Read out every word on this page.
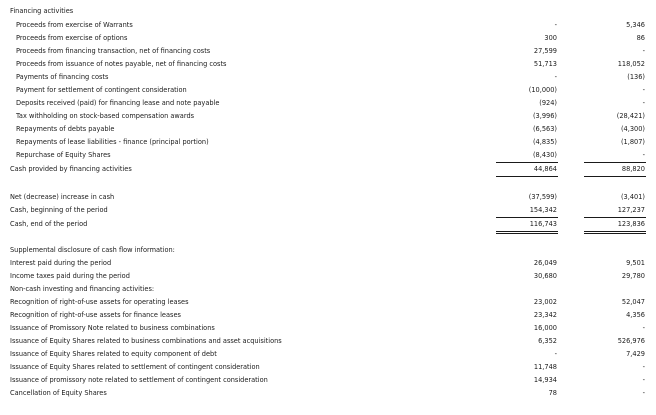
Financing activities
Proceeds from exercise of Warrants	-	5,346
Proceeds from exercise of options	300	86
Proceeds from financing transaction, net of financing costs	27,599	-
Proceeds from issuance of notes payable, net of financing costs	51,713	118,052
Payments of financing costs	-	(136)
Payment for settlement of contingent consideration	(10,000)	-
Deposits received (paid) for financing lease and note payable	(924)	-
Tax withholding on stock-based compensation awards	(3,996)	(28,421)
Repayments of debts payable	(6,563)	(4,300)
Repayments of lease liabilities - finance (principal portion)	(4,835)	(1,807)
Repurchase of Equity Shares	(8,430)	-
Cash provided by financing activities	44,864	88,820
Net (decrease) increase in cash	(37,599)	(3,401)
Cash, beginning of the period	154,342	127,237
Cash, end of the period	116,743	123,836
Supplemental disclosure of cash flow information:
Interest paid during the period	26,049	9,501
Income taxes paid during the period	30,680	29,780
Non-cash investing and financing activities:
Recognition of right-of-use assets for operating leases	23,002	52,047
Recognition of right-of-use assets for finance leases	23,342	4,356
Issuance of Promissory Note related to business combinations	16,000	-
Issuance of Equity Shares related to business combinations and asset acquisitions	6,352	526,976
Issuance of Equity Shares related to equity component of debt	-	7,429
Issuance of Equity Shares related to settlement of contingent consideration	11,748	-
Issuance of promissory note related to settlement of contingent consideration	14,934	-
Cancellation of Equity Shares	78	-
